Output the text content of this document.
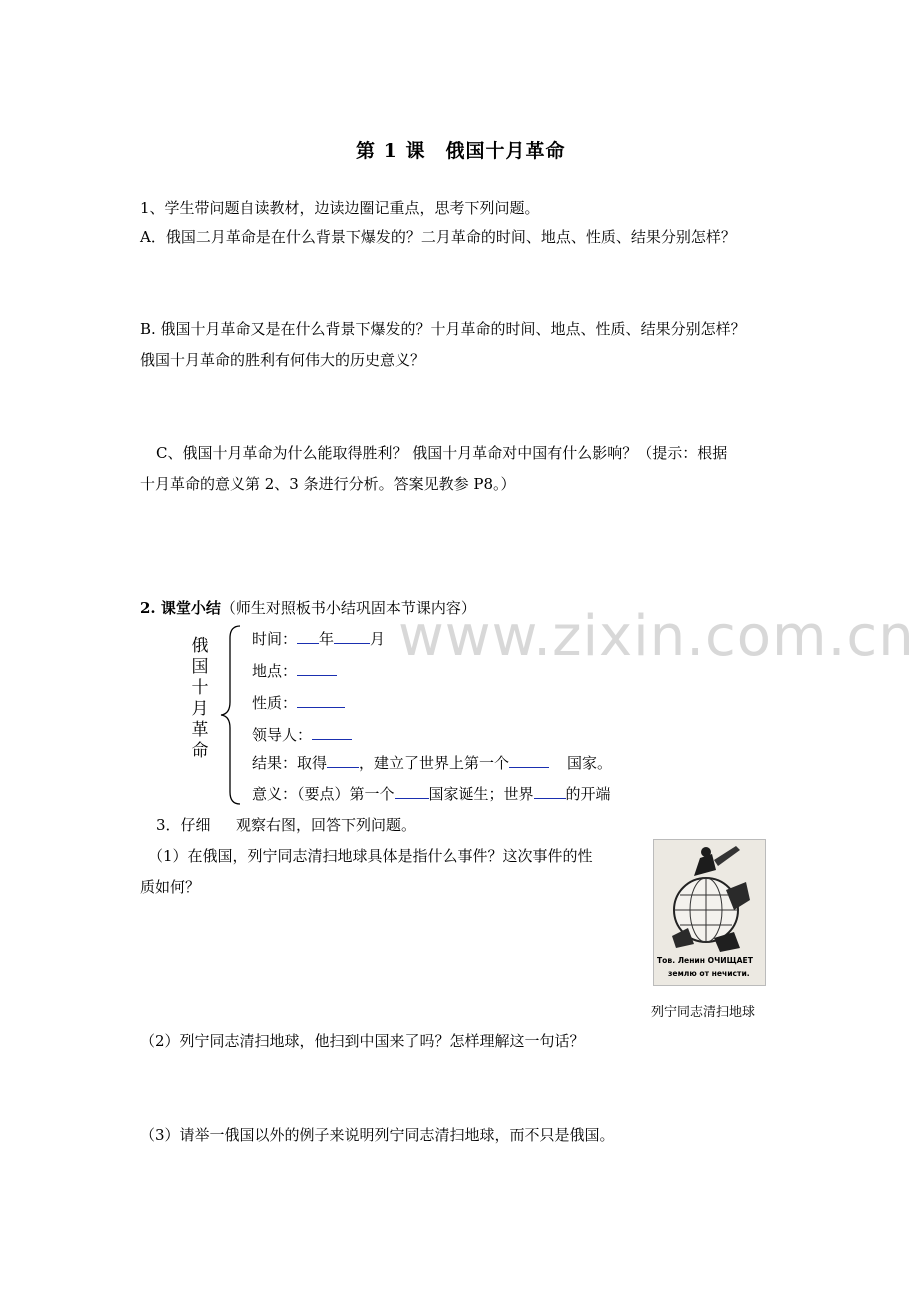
www.zixin.com.cn
第 1 课　俄国十月革命
1、学生带问题自读教材，边读边圈记重点，思考下列问题。
A．俄国二月革命是在什么背景下爆发的？二月革命的时间、地点、性质、结果分别怎样？
B. 俄国十月革命又是在什么背景下爆发的？十月革命的时间、地点、性质、结果分别怎样？
俄国十月革命的胜利有何伟大的历史意义？
C、俄国十月革命为什么能取得胜利？ 俄国十月革命对中国有什么影响？（提示：根据
十月革命的意义第 2、3 条进行分析。答案见教参 P8。）
2. 课堂小结（师生对照板书小结巩固本节课内容）
俄
国
十
月
革
命
时间： 年 月
地点：
性质：
领导人：
结果：取得 ，建立了世界上第一个	国家。
意义：（要点）第一个 国家诞生；世界 的开端
3．仔细 观察右图，回答下列问题。
（1）在俄国，列宁同志清扫地球具体是指什么事件？这次事件的性
质如何？
Тов. Ленин ОЧИЩАЕТ
землю от нечисти.
列宁同志清扫地球
（2）列宁同志清扫地球，他扫到中国来了吗？怎样理解这一句话？
（3）请举一俄国以外的例子来说明列宁同志清扫地球，而不只是俄国。
